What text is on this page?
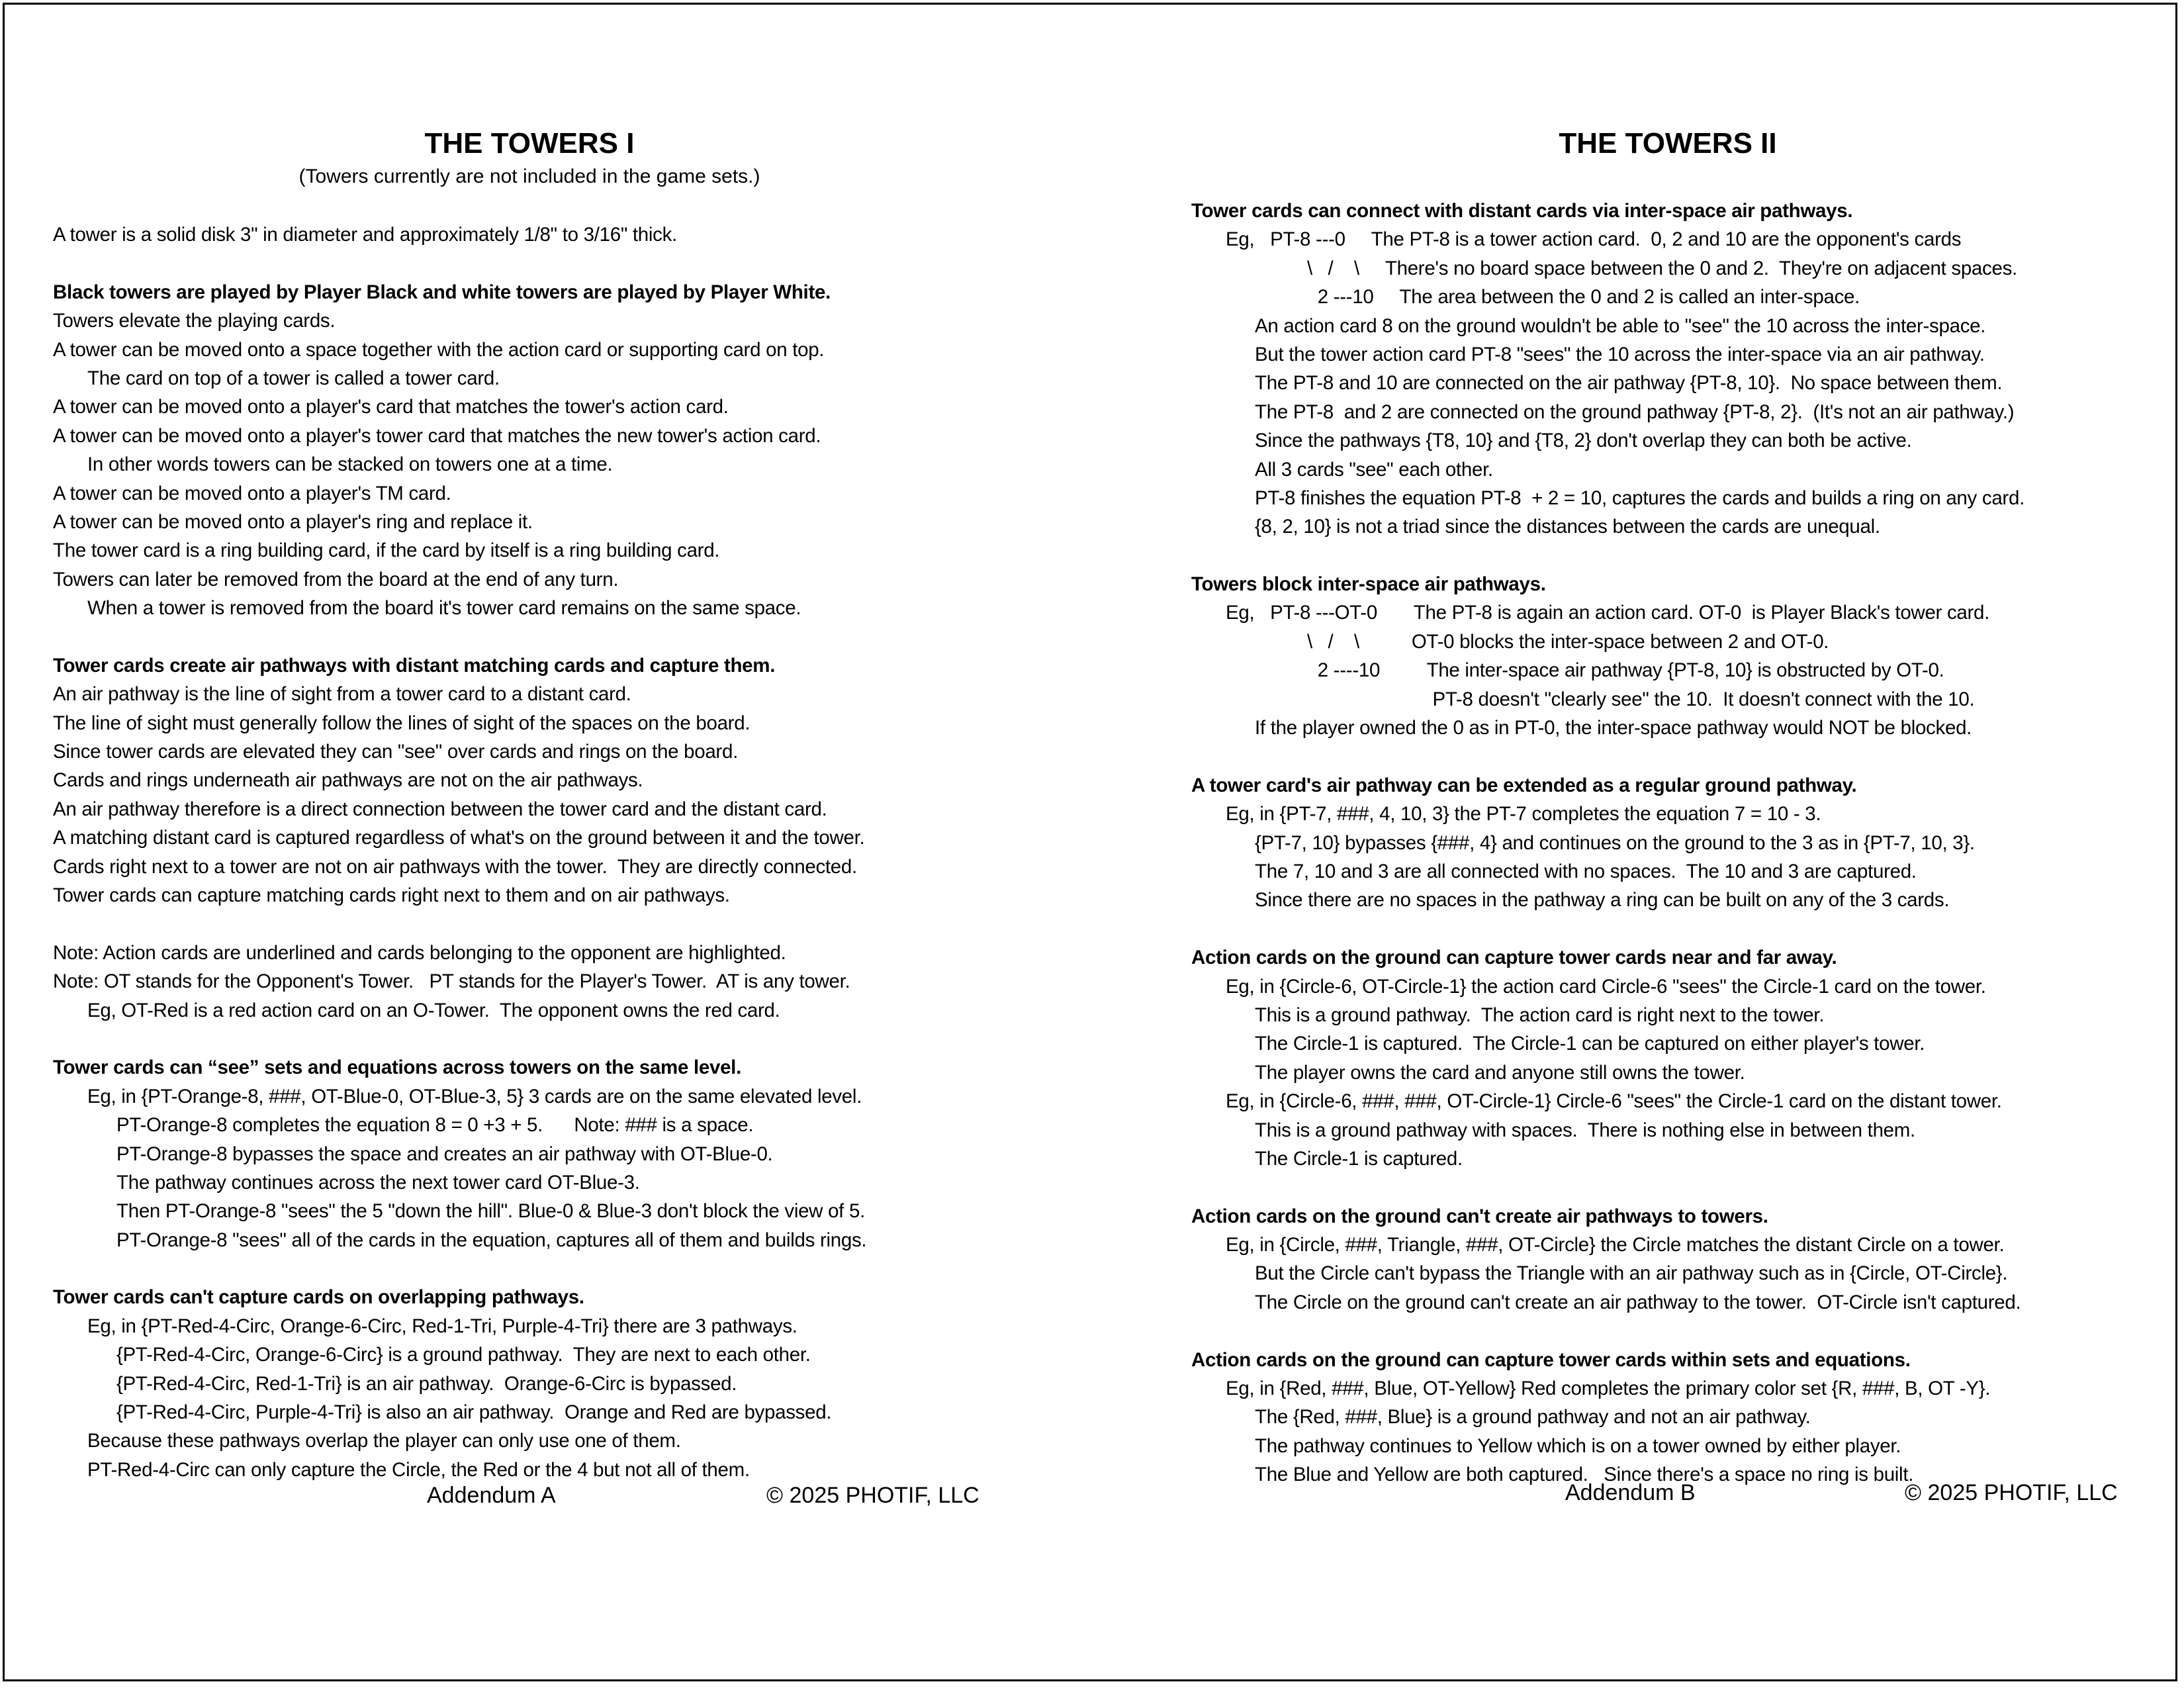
THE TOWERS I
(Towers currently are not included in the game sets.)
A tower is a solid disk 3" in diameter and approximately 1/8" to 3/16" thick.
Black towers are played by Player Black and white towers are played by Player White.
Towers elevate the playing cards.
A tower can be moved onto a space together with the action card or supporting card on top.
The card on top of a tower is called a tower card.
A tower can be moved onto a player's card that matches the tower's action card.
A tower can be moved onto a player's tower card that matches the new tower's action card.
In other words towers can be stacked on towers one at a time.
A tower can be moved onto a player's TM card.
A tower can be moved onto a player's ring and replace it.
The tower card is a ring building card, if the card by itself is a ring building card.
Towers can later be removed from the board at the end of any turn.
When a tower is removed from the board it's tower card remains on the same space.
Tower cards create air pathways with distant matching cards and capture them.
An air pathway is the line of sight from a tower card to a distant card.
The line of sight must generally follow the lines of sight of the spaces on the board.
Since tower cards are elevated they can "see" over cards and rings on the board.
Cards and rings underneath air pathways are not on the air pathways.
An air pathway therefore is a direct connection between the tower card and the distant card.
A matching distant card is captured regardless of what's on the ground between it and the tower.
Cards right next to a tower are not on air pathways with the tower.  They are directly connected.
Tower cards can capture matching cards right next to them and on air pathways.
Note: Action cards are underlined and cards belonging to the opponent are highlighted.
Note: OT stands for the Opponent's Tower.   PT stands for the Player's Tower.  AT is any tower.
Eg, OT-Red is a red action card on an O-Tower.  The opponent owns the red card.
Tower cards can “see” sets and equations across towers on the same level.
Eg, in {PT-Orange-8, ###, OT-Blue-0, OT-Blue-3, 5} 3 cards are on the same elevated level.
PT-Orange-8 completes the equation 8 = 0 +3 + 5.      Note: ### is a space.
PT-Orange-8 bypasses the space and creates an air pathway with OT-Blue-0.
The pathway continues across the next tower card OT-Blue-3.
Then PT-Orange-8 "sees" the 5 "down the hill". Blue-0 & Blue-3 don't block the view of 5.
PT-Orange-8 "sees" all of the cards in the equation, captures all of them and builds rings.
Tower cards can't capture cards on overlapping pathways.
Eg, in {PT-Red-4-Circ, Orange-6-Circ, Red-1-Tri, Purple-4-Tri} there are 3 pathways.
{PT-Red-4-Circ, Orange-6-Circ} is a ground pathway.  They are next to each other.
{PT-Red-4-Circ, Red-1-Tri} is an air pathway.  Orange-6-Circ is bypassed.
{PT-Red-4-Circ, Purple-4-Tri} is also an air pathway.  Orange and Red are bypassed.
Because these pathways overlap the player can only use one of them.
PT-Red-4-Circ can only capture the Circle, the Red or the 4 but not all of them.
Addendum A	© 2025 PHOTIF, LLC
THE TOWERS II
Tower cards can connect with distant cards via inter-space air pathways.
Eg,   PT-8 ---0     The PT-8 is a tower action card.  0, 2 and 10 are the opponent's cards
\   /    \     There's no board space between the 0 and 2.  They're on adjacent spaces.
2 ---10     The area between the 0 and 2 is called an inter-space.
An action card 8 on the ground wouldn't be able to "see" the 10 across the inter-space.
But the tower action card PT-8 "sees" the 10 across the inter-space via an air pathway.
The PT-8 and 10 are connected on the air pathway {PT-8, 10}.  No space between them.
The PT-8  and 2 are connected on the ground pathway {PT-8, 2}.  (It's not an air pathway.)
Since the pathways {T8, 10} and {T8, 2} don't overlap they can both be active.
All 3 cards "see" each other.
PT-8 finishes the equation PT-8  + 2 = 10, captures the cards and builds a ring on any card.
{8, 2, 10} is not a triad since the distances between the cards are unequal.
Towers block inter-space air pathways.
Eg,   PT-8 ---OT-0       The PT-8 is again an action card. OT-0  is Player Black's tower card.
\   /    \          OT-0 blocks the inter-space between 2 and OT-0.
2 ----10         The inter-space air pathway {PT-8, 10} is obstructed by OT-0.
PT-8 doesn't "clearly see" the 10.  It doesn't connect with the 10.
If the player owned the 0 as in PT-0, the inter-space pathway would NOT be blocked.
A tower card's air pathway can be extended as a regular ground pathway.
Eg, in {PT-7, ###, 4, 10, 3} the PT-7 completes the equation 7 = 10 - 3.
{PT-7, 10} bypasses {###, 4} and continues on the ground to the 3 as in {PT-7, 10, 3}.
The 7, 10 and 3 are all connected with no spaces.  The 10 and 3 are captured.
Since there are no spaces in the pathway a ring can be built on any of the 3 cards.
Action cards on the ground can capture tower cards near and far away.
Eg, in {Circle-6, OT-Circle-1} the action card Circle-6 "sees" the Circle-1 card on the tower.
This is a ground pathway.  The action card is right next to the tower.
The Circle-1 is captured.  The Circle-1 can be captured on either player's tower.
The player owns the card and anyone still owns the tower.
Eg, in {Circle-6, ###, ###, OT-Circle-1} Circle-6 "sees" the Circle-1 card on the distant tower.
This is a ground pathway with spaces.  There is nothing else in between them.
The Circle-1 is captured.
Action cards on the ground can't create air pathways to towers.
Eg, in {Circle, ###, Triangle, ###, OT-Circle} the Circle matches the distant Circle on a tower.
But the Circle can't bypass the Triangle with an air pathway such as in {Circle, OT-Circle}.
The Circle on the ground can't create an air pathway to the tower.  OT-Circle isn't captured.
Action cards on the ground can capture tower cards within sets and equations.
Eg, in {Red, ###, Blue, OT-Yellow} Red completes the primary color set {R, ###, B, OT -Y}.
The {Red, ###, Blue} is a ground pathway and not an air pathway.
The pathway continues to Yellow which is on a tower owned by either player.
The Blue and Yellow are both captured.   Since there's a space no ring is built.
Addendum B	© 2025 PHOTIF, LLC
